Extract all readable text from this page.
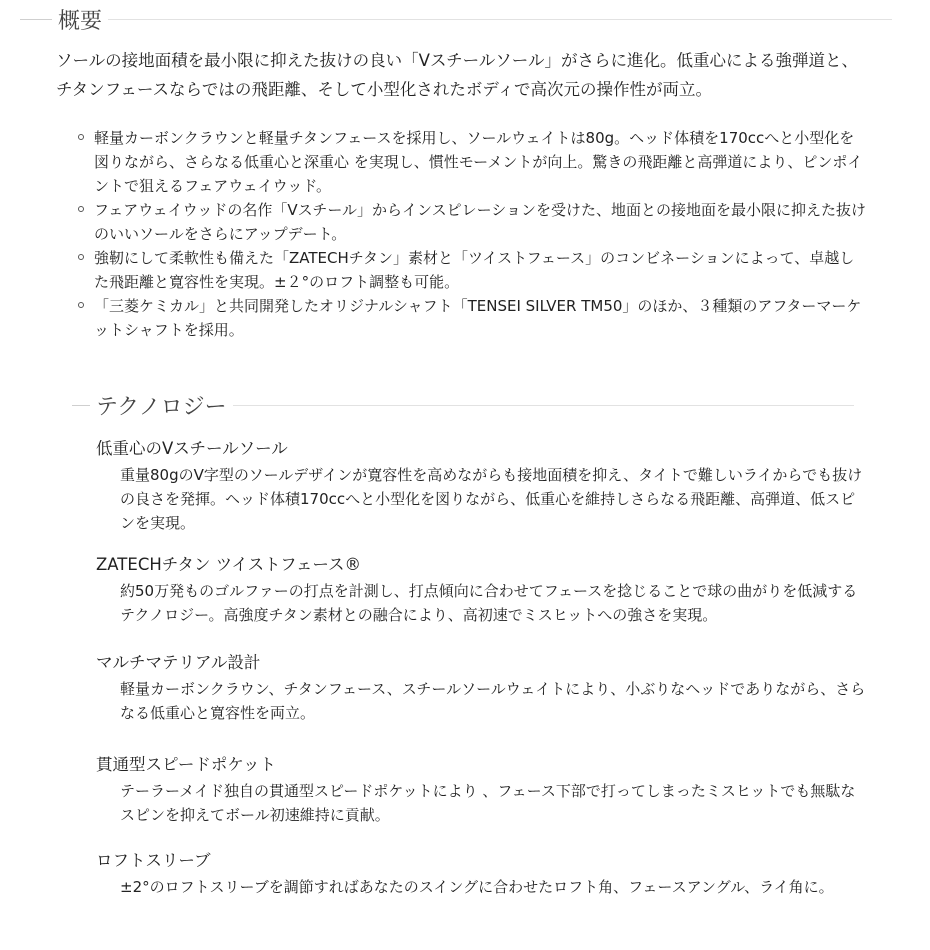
概要

ソールの接地面積を最小限に抑えた抜けの良い「Vスチールソール」がさらに進化。低重心による強弾道と、チタンフェースならではの飛距離、そして小型化されたボディで高次元の操作性が両立。

軽量カーボンクラウンと軽量チタンフェースを採用し、ソールウェイトは80g。ヘッド体積を170ccへと小型化を図りながら、さらなる低重心と深重心 を実現し、慣性モーメントが向上。驚きの飛距離と高弾道により、ピンポイントで狙えるフェアウェイウッド。
フェアウェイウッドの名作「Vスチール」からインスピレーションを受けた、地面との接地面を最小限に抑えた抜けのいいソールをさらにアップデート。
強靭にして柔軟性も備えた「ZATECHチタン」素材と「ツイストフェース」のコンビネーションによって、卓越した飛距離と寛容性を実現。±２°のロフト調整も可能。
「三菱ケミカル」と共同開発したオリジナルシャフト「TENSEI SILVER TM50」のほか、３種類のアフターマーケットシャフトを採用。
テクノロジー
低重心のVスチールソール

重量80gのV字型のソールデザインが寛容性を高めながらも接地面積を抑え、タイトで難しいライからでも抜けの良さを発揮。ヘッド体積170ccへと小型化を図りながら、低重心を維持しさらなる飛距離、高弾道、低スピンを実現。

ZATECHチタン ツイストフェース®

約50万発ものゴルファーの打点を計測し、打点傾向に合わせてフェースを捻じることで球の曲がりを低減するテクノロジー。高強度チタン素材との融合により、高初速でミスヒットへの強さを実現。

マルチマテリアル設計

軽量カーボンクラウン、チタンフェース、スチールソールウェイトにより、小ぶりなヘッドでありながら、さらなる低重心と寛容性を両立。

貫通型スピードポケット

テーラーメイド独自の貫通型スピードポケットにより 、フェース下部で打ってしまったミスヒットでも無駄なスピンを抑えてボール初速維持に貢献。

ロフトスリーブ

±2°のロフトスリーブを調節すればあなたのスイングに合わせたロフト角、フェースアングル、ライ角に。
